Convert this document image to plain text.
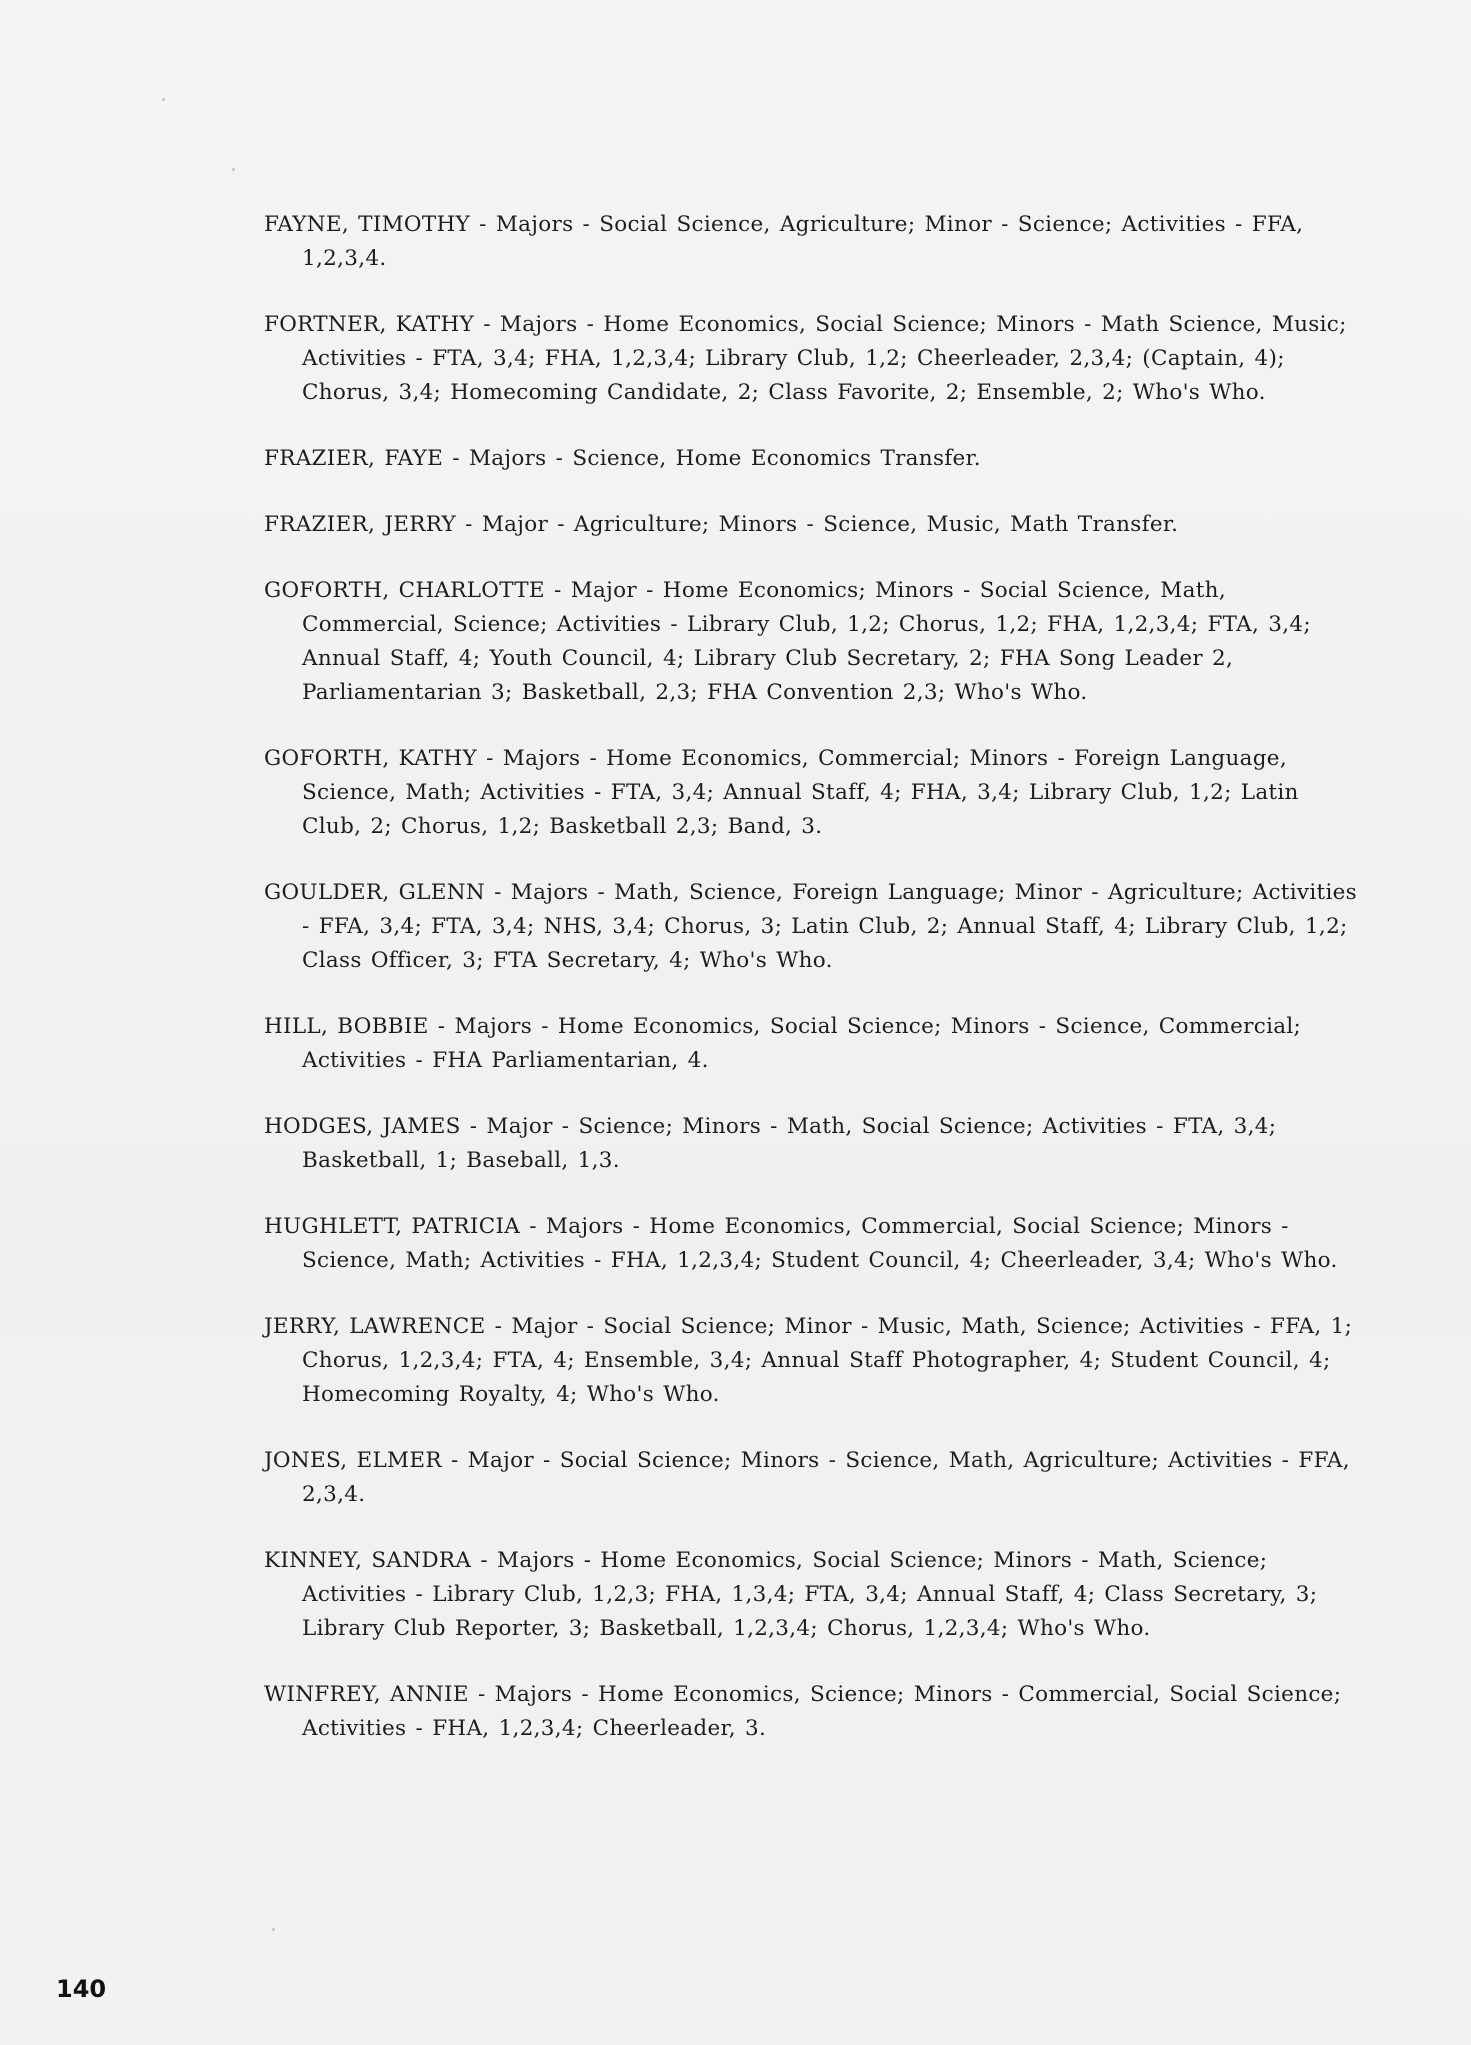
FAYNE, TIMOTHY - Majors - Social Science, Agriculture; Minor - Science; Activities - FFA, 1,2,3,4.

FORTNER, KATHY - Majors - Home Economics, Social Science; Minors - Math Science, Music; Activities - FTA, 3,4; FHA, 1,2,3,4; Library Club, 1,2; Cheerleader, 2,3,4; (Captain, 4); Chorus, 3,4; Homecoming Candidate, 2; Class Favorite, 2; Ensemble, 2; Who's Who.

FRAZIER, FAYE - Majors - Science, Home Economics Transfer.

FRAZIER, JERRY - Major - Agriculture; Minors - Science, Music, Math Transfer.

GOFORTH, CHARLOTTE - Major - Home Economics; Minors - Social Science, Math, Commercial, Science; Activities - Library Club, 1,2; Chorus, 1,2; FHA, 1,2,3,4; FTA, 3,4; Annual Staff, 4; Youth Council, 4; Library Club Secretary, 2; FHA Song Leader 2, Parliamentarian 3; Basketball, 2,3; FHA Convention 2,3; Who's Who.

GOFORTH, KATHY - Majors - Home Economics, Commercial; Minors - Foreign Language, Science, Math; Activities - FTA, 3,4; Annual Staff, 4; FHA, 3,4; Library Club, 1,2; Latin Club, 2; Chorus, 1,2; Basketball 2,3; Band, 3.

GOULDER, GLENN - Majors - Math, Science, Foreign Language; Minor - Agriculture; Activities - FFA, 3,4; FTA, 3,4; NHS, 3,4; Chorus, 3; Latin Club, 2; Annual Staff, 4; Library Club, 1,2; Class Officer, 3; FTA Secretary, 4; Who's Who.

HILL, BOBBIE - Majors - Home Economics, Social Science; Minors - Science, Commercial; Activities - FHA Parliamentarian, 4.

HODGES, JAMES - Major - Science; Minors - Math, Social Science; Activities - FTA, 3,4; Basketball, 1; Baseball, 1,3.

HUGHLETT, PATRICIA - Majors - Home Economics, Commercial, Social Science; Minors - Science, Math; Activities - FHA, 1,2,3,4; Student Council, 4; Cheerleader, 3,4; Who's Who.

JERRY, LAWRENCE - Major - Social Science; Minor - Music, Math, Science; Activities - FFA, 1; Chorus, 1,2,3,4; FTA, 4; Ensemble, 3,4; Annual Staff Photographer, 4; Student Council, 4; Homecoming Royalty, 4; Who's Who.

JONES, ELMER - Major - Social Science; Minors - Science, Math, Agriculture; Activities - FFA, 2,3,4.

KINNEY, SANDRA - Majors - Home Economics, Social Science; Minors - Math, Science; Activities - Library Club, 1,2,3; FHA, 1,3,4; FTA, 3,4; Annual Staff, 4; Class Secretary, 3; Library Club Reporter, 3; Basketball, 1,2,3,4; Chorus, 1,2,3,4; Who's Who.

WINFREY, ANNIE - Majors - Home Economics, Science; Minors - Commercial, Social Science; Activities - FHA, 1,2,3,4; Cheerleader, 3.

140
